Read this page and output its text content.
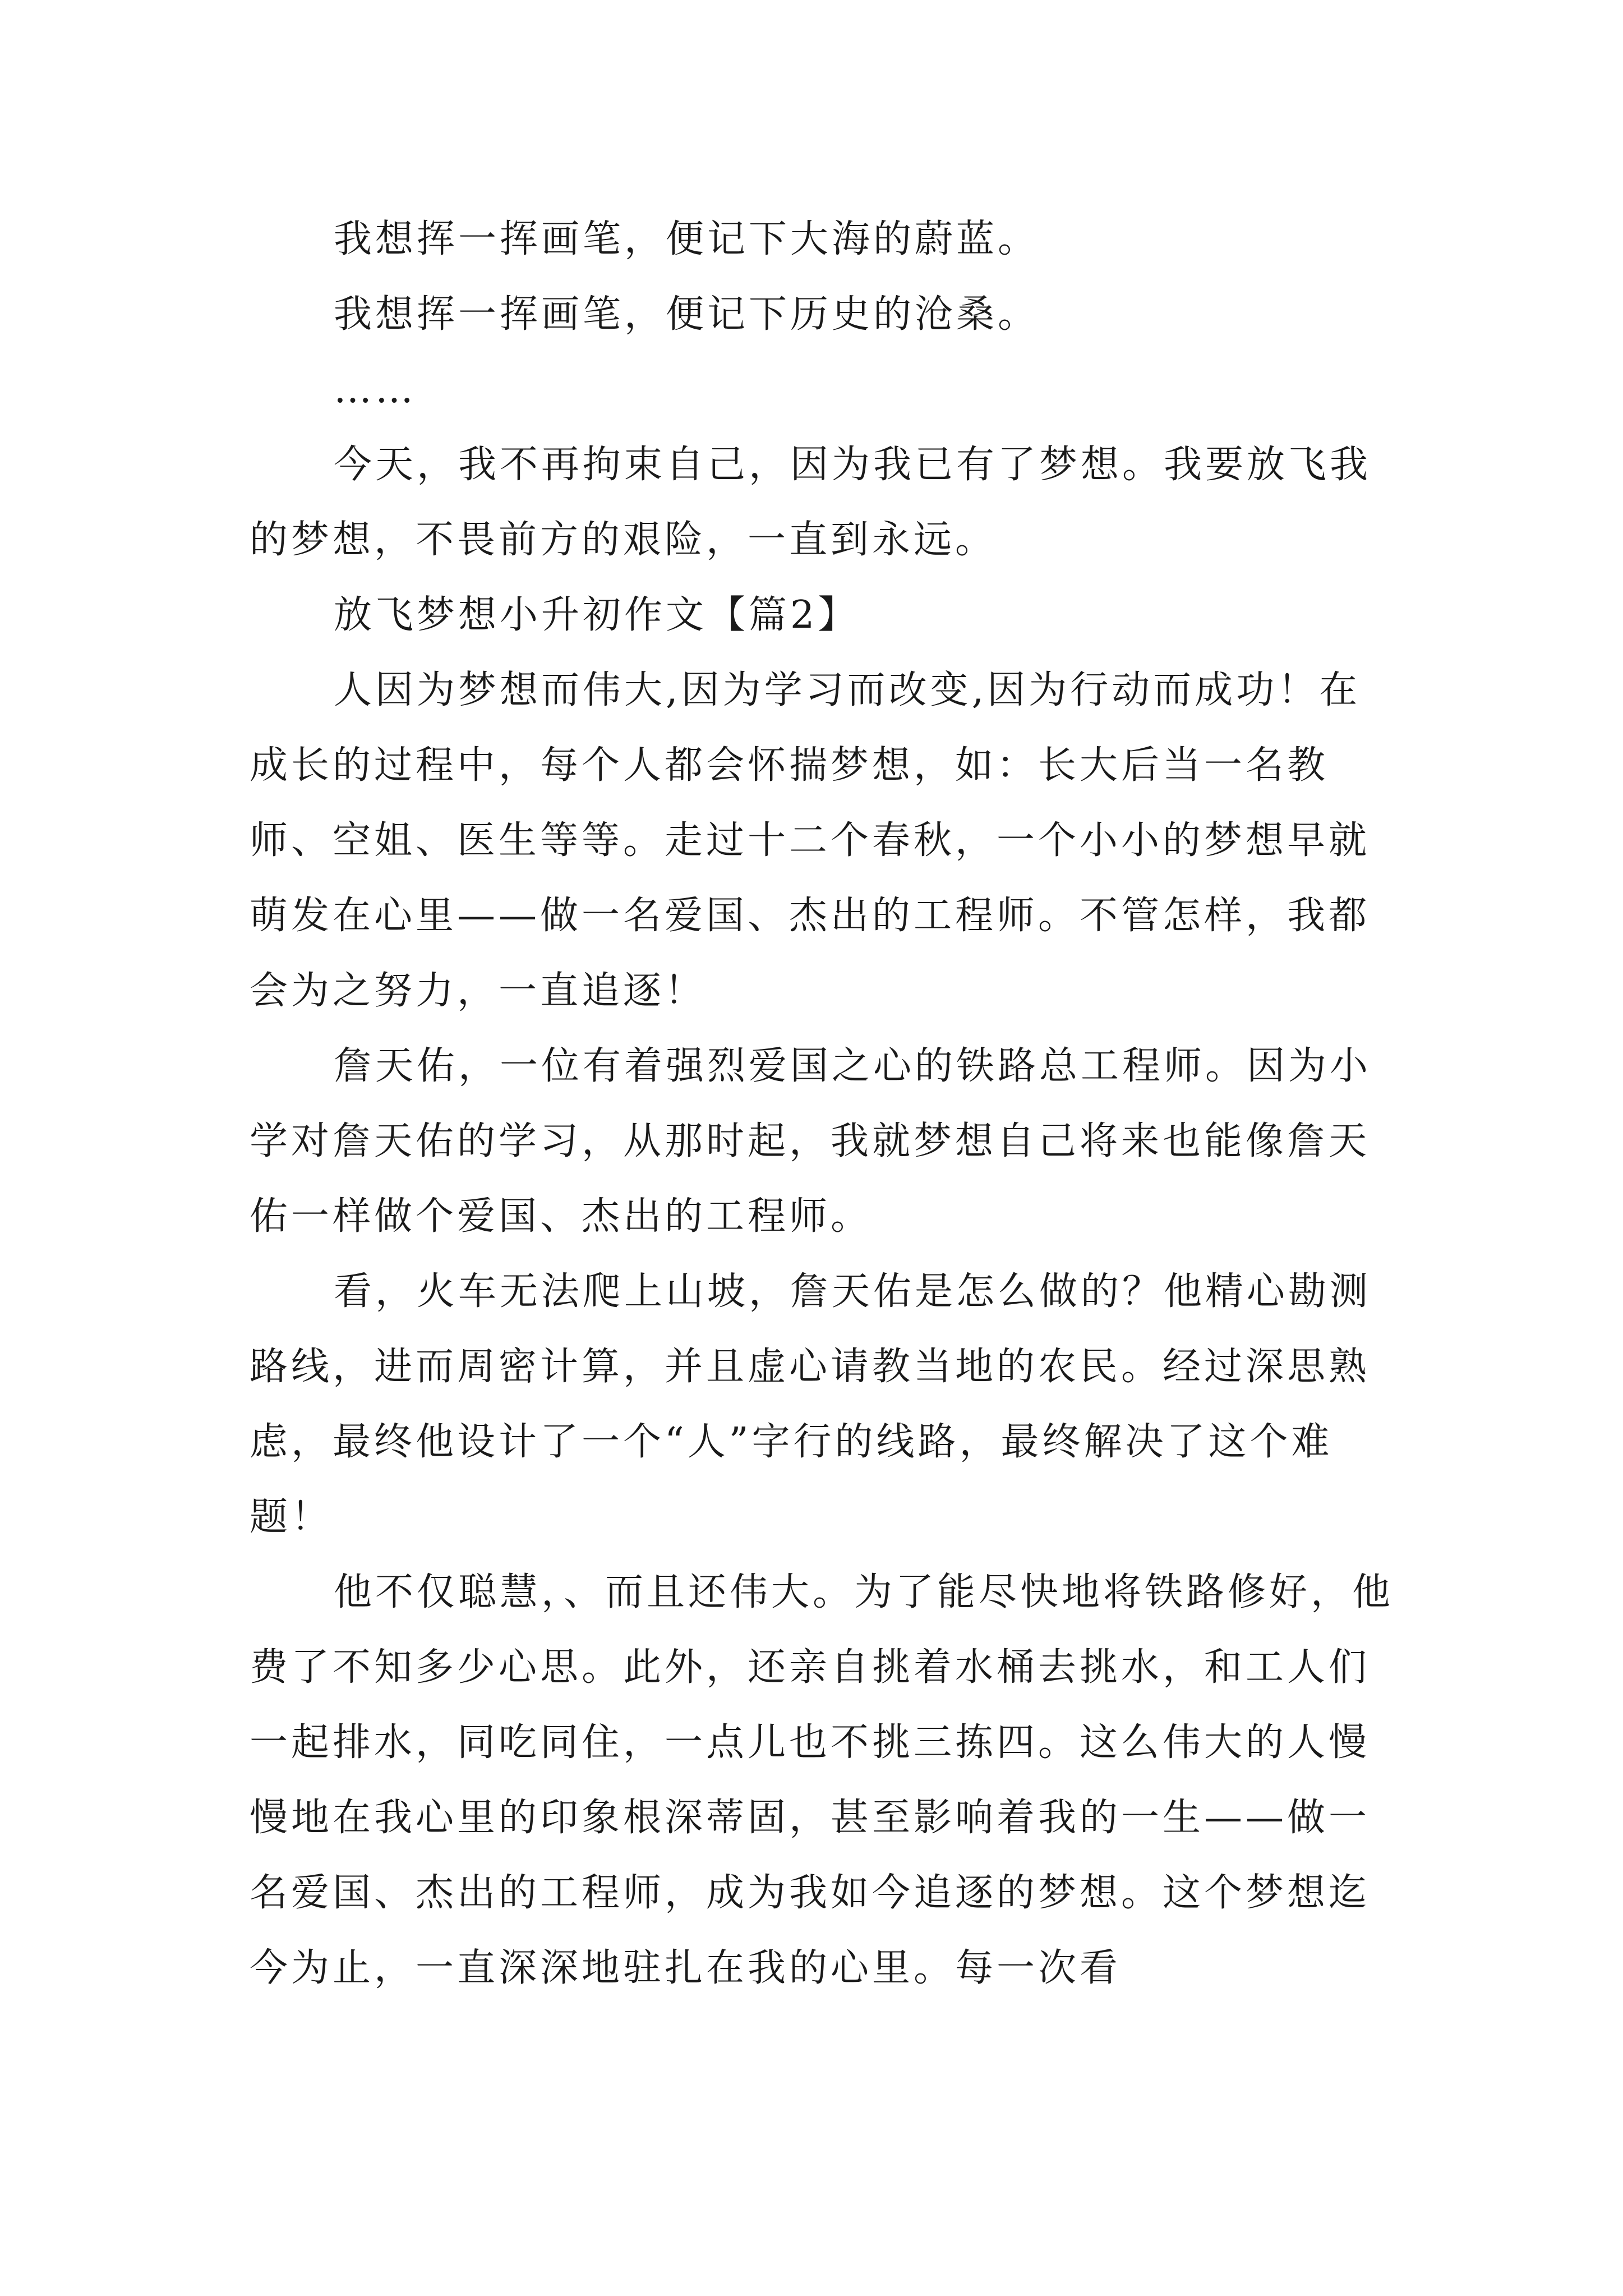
我想挥一挥画笔，便记下大海的蔚蓝。

我想挥一挥画笔，便记下历史的沧桑。

……

今天，我不再拘束自己，因为我已有了梦想。我要放飞我的梦想，不畏前方的艰险，一直到永远。

放飞梦想小升初作文【篇2】

人因为梦想而伟大,因为学习而改变,因为行动而成功！在成长的过程中，每个人都会怀揣梦想，如：长大后当一名教师、空姐、医生等等。走过十二个春秋，一个小小的梦想早就萌发在心里——做一名爱国、杰出的工程师。不管怎样，我都会为之努力，一直追逐！

詹天佑，一位有着强烈爱国之心的铁路总工程师。因为小学对詹天佑的学习，从那时起，我就梦想自己将来也能像詹天佑一样做个爱国、杰出的工程师。

看，火车无法爬上山坡，詹天佑是怎么做的？他精心勘测路线，进而周密计算，并且虚心请教当地的农民。经过深思熟虑，最终他设计了一个“人”字行的线路，最终解决了这个难题！

他不仅聪慧，、而且还伟大。为了能尽快地将铁路修好，他费了不知多少心思。此外，还亲自挑着水桶去挑水，和工人们一起排水，同吃同住，一点儿也不挑三拣四。这么伟大的人慢慢地在我心里的印象根深蒂固，甚至影响着我的一生——做一名爱国、杰出的工程师，成为我如今追逐的梦想。这个梦想迄今为止，一直深深地驻扎在我的心里。每一次看
